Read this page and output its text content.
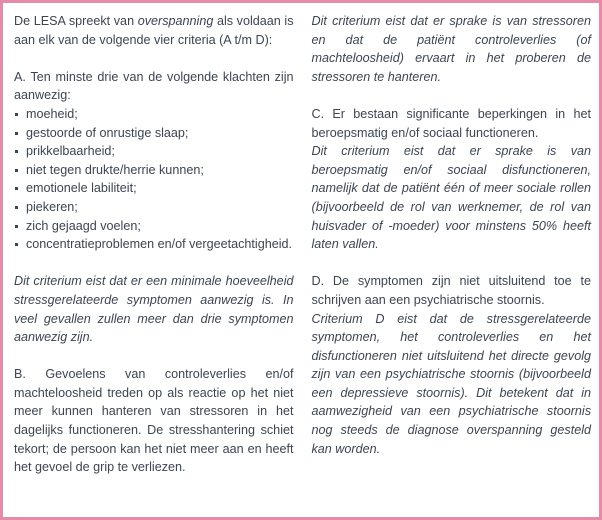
De LESA spreekt van overspanning als voldaan is aan elk van de volgende vier criteria (A t/m D):

A. Ten minste drie van de volgende klachten zijn aanwezig:

moeheid;
gestoorde of onrustige slaap;
prikkelbaarheid;
niet tegen drukte/herrie kunnen;
emotionele labiliteit;
piekeren;
zich gejaagd voelen;
concentratieproblemen en/of vergeetachtigheid.

Dit criterium eist dat er een minimale hoeveelheid stressgerelateerde symptomen aanwezig is. In veel gevallen zullen meer dan drie symptomen aanwezig zijn.

B. Gevoelens van controleverlies en/of machteloosheid treden op als reactie op het niet meer kunnen hanteren van stressoren in het dagelijks functioneren. De stresshantering schiet tekort; de persoon kan het niet meer aan en heeft het gevoel de grip te verliezen.

Dit criterium eist dat er sprake is van stressoren en dat de patiënt controleverlies (of machteloosheid) ervaart in het proberen de stressoren te hanteren.

C. Er bestaan significante beperkingen in het beroepsmatig en/of sociaal functioneren.

Dit criterium eist dat er sprake is van beroepsmatig en/of sociaal disfunctioneren, namelijk dat de patiënt één of meer sociale rollen (bijvoorbeeld de rol van werknemer, de rol van huisvader of -moeder) voor minstens 50% heeft laten vallen.

D. De symptomen zijn niet uitsluitend toe te schrijven aan een psychiatrische stoornis.

Criterium D eist dat de stressgerelateerde symptomen, het controleverlies en het disfunctioneren niet uitsluitend het directe gevolg zijn van een psychiatrische stoornis (bijvoorbeeld een depressieve stoornis). Dit betekent dat in aamwezigheid van een psychiatrische stoornis nog steeds de diagnose overspanning gesteld kan worden.
